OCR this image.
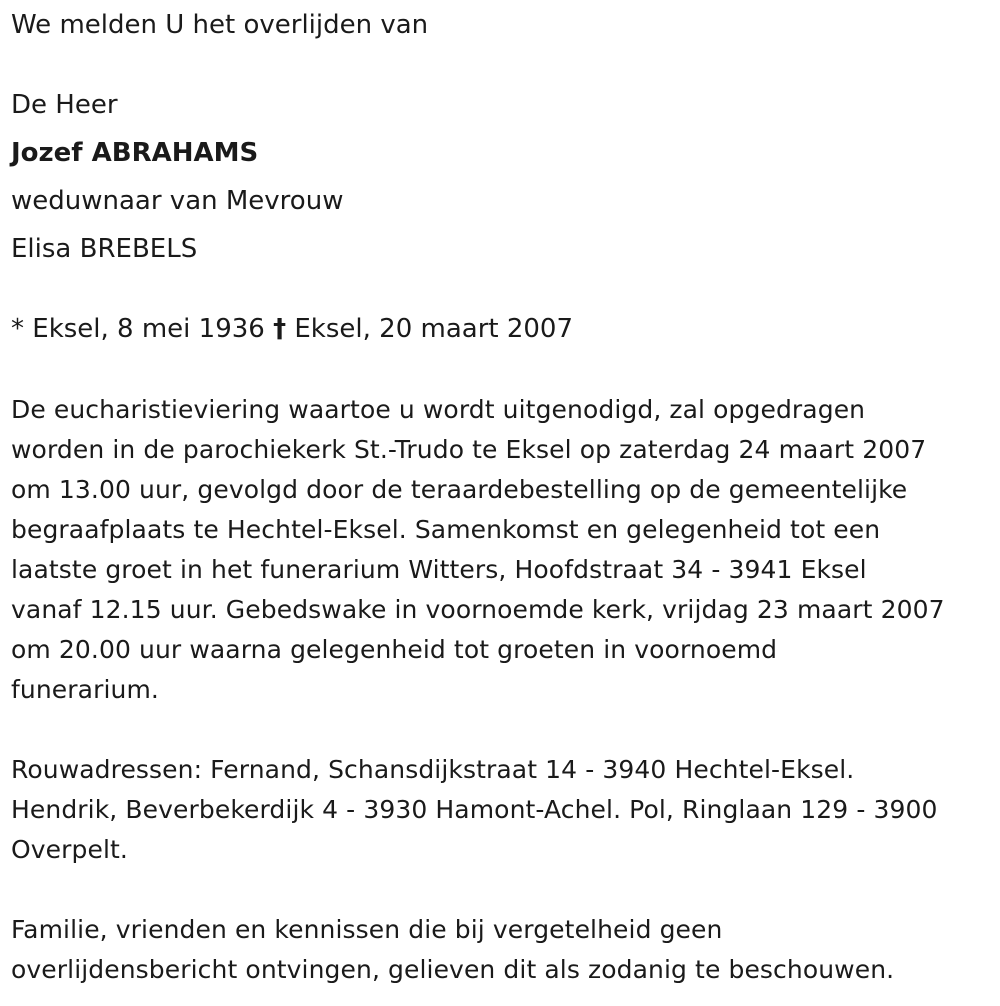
We melden U het overlijden van

De Heer

Jozef ABRAHAMS

weduwnaar van Mevrouw

Elisa BREBELS

* Eksel, 8 mei 1936 † Eksel, 20 maart 2007

De eucharistieviering waartoe u wordt uitgenodigd, zal opgedragen

worden in de parochiekerk St.-Trudo te Eksel op zaterdag 24 maart 2007

om 13.00 uur, gevolgd door de teraardebestelling op de gemeentelijke

begraafplaats te Hechtel-Eksel. Samenkomst en gelegenheid tot een

laatste groet in het funerarium Witters, Hoofdstraat 34 - 3941 Eksel

vanaf 12.15 uur. Gebedswake in voornoemde kerk, vrijdag 23 maart 2007

om 20.00 uur waarna gelegenheid tot groeten in voornoemd

funerarium.

Rouwadressen: Fernand, Schansdijkstraat 14 - 3940 Hechtel-Eksel.

Hendrik, Beverbekerdijk 4 - 3930 Hamont-Achel. Pol, Ringlaan 129 - 3900

Overpelt.

Familie, vrienden en kennissen die bij vergetelheid geen

overlijdensbericht ontvingen, gelieven dit als zodanig te beschouwen.
